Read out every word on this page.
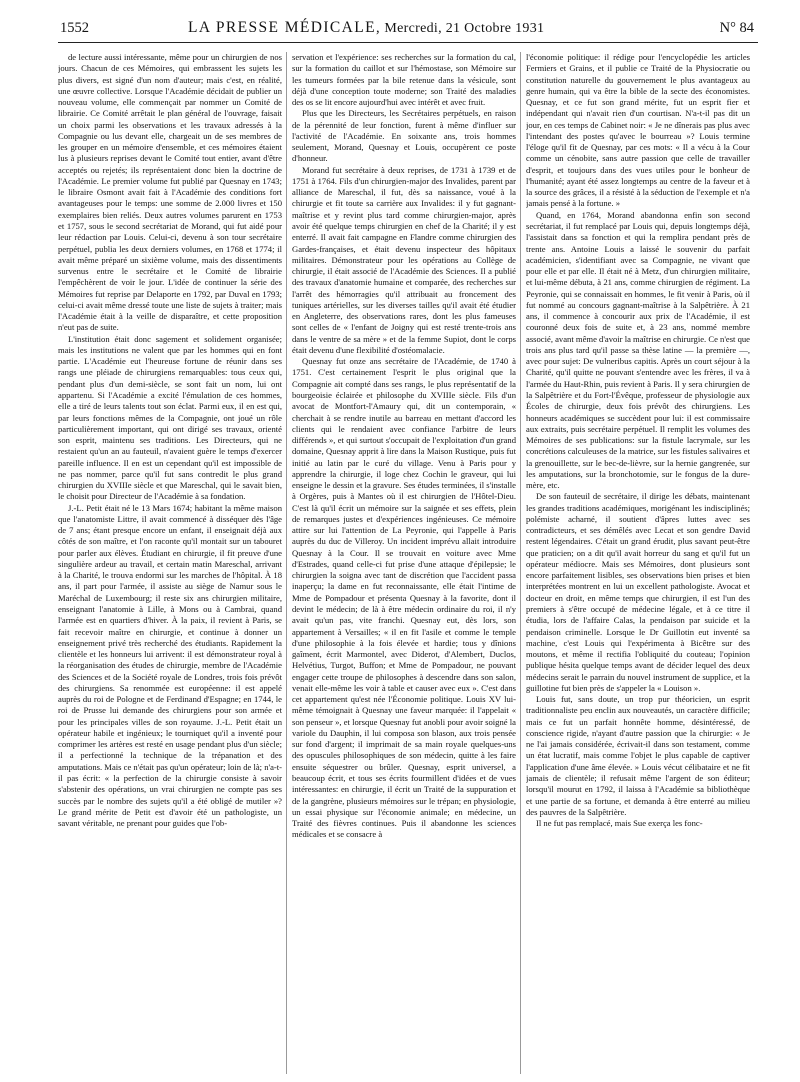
1552	LA PRESSE MÉDICALE, Mercredi, 21 Octobre 1931	N° 84

de lecture aussi intéressante, même pour un chirurgien de nos jours. Chacun de ces Mémoires, qui embrassent les sujets les plus divers, est signé d'un nom d'auteur; mais c'est, en réalité, une œuvre collective. Lorsque l'Académie décidait de publier un nouveau volume, elle commençait par nommer un Comité de librairie. Ce Comité arrêtait le plan général de l'ouvrage, faisait un choix parmi les observations et les travaux adressés à la Compagnie ou lus devant elle, chargeait un de ses membres de les grouper en un mémoire d'ensemble, et ces mémoires étaient lus à plusieurs reprises devant le Comité tout entier, avant d'être acceptés ou rejetés; ils représentaient donc bien la doctrine de l'Académie. Le premier volume fut publié par Quesnay en 1743; le libraire Osmont avait fait à l'Académie des conditions fort avantageuses pour le temps: une somme de 2.000 livres et 150 exemplaires bien reliés. Deux autres volumes parurent en 1753 et 1757, sous le second secrétariat de Morand, qui fut aidé pour leur rédaction par Louis. Celui-ci, devenu à son tour secrétaire perpétuel, publia les deux derniers volumes, en 1768 et 1774; il avait même préparé un sixième volume, mais des dissentiments survenus entre le secrétaire et le Comité de librairie l'empêchèrent de voir le jour. L'idée de continuer la série des Mémoires fut reprise par Delaporte en 1792, par Duval en 1793; celui-ci avait même dressé toute une liste de sujets à traiter; mais l'Académie était à la veille de disparaître, et cette proposition n'eut pas de suite.

L'institution était donc sagement et solidement organisée; mais les institutions ne valent que par les hommes qui en font partie. L'Académie eut l'heureuse fortune de réunir dans ses rangs une pléiade de chirurgiens remarquables: tous ceux qui, pendant plus d'un demi-siècle, se sont fait un nom, lui ont appartenu. Si l'Académie a excité l'émulation de ces hommes, elle a tiré de leurs talents tout son éclat. Parmi eux, il en est qui, par leurs fonctions mêmes de la Compagnie, ont joué un rôle particulièrement important, qui ont dirigé ses travaux, orienté son esprit, maintenu ses traditions. Les Directeurs, qui ne restaient qu'un an au fauteuil, n'avaient guère le temps d'exercer pareille influence. Il en est un cependant qu'il est impossible de ne pas nommer, parce qu'il fut sans contredit le plus grand chirurgien du XVIIIe siècle et que Mareschal, qui le savait bien, le choisit pour Directeur de l'Académie à sa fondation.

J.-L. Petit était né le 13 Mars 1674; habitant la même maison que l'anatomiste Littre, il avait commencé à disséquer dès l'âge de 7 ans; étant presque encore un enfant, il enseignait déjà aux côtés de son maître, et l'on raconte qu'il montait sur un tabouret pour parler aux élèves. Étudiant en chirurgie, il fit preuve d'une singulière ardeur au travail, et certain matin Mareschal, arrivant à la Charité, le trouva endormi sur les marches de l'hôpital. À 18 ans, il part pour l'armée, il assiste au siège de Namur sous le Maréchal de Luxembourg; il reste six ans chirurgien militaire, enseignant l'anatomie à Lille, à Mons ou à Cambrai, quand l'armée est en quartiers d'hiver. À la paix, il revient à Paris, se fait recevoir maître en chirurgie, et continue à donner un enseignement privé très recherché des étudiants. Rapidement la clientèle et les honneurs lui arrivent: il est démonstrateur royal à la réorganisation des études de chirurgie, membre de l'Académie des Sciences et de la Société royale de Londres, trois fois prévôt des chirurgiens. Sa renommée est européenne: il est appelé auprès du roi de Pologne et de Ferdinand d'Espagne; en 1744, le roi de Prusse lui demande des chirurgiens pour son armée et pour les principales villes de son royaume. J.-L. Petit était un opérateur habile et ingénieux; le tourniquet qu'il a inventé pour comprimer les artères est resté en usage pendant plus d'un siècle; il a perfectionné la technique de la trépanation et des amputations. Mais ce n'était pas qu'un opérateur; loin de là; n'a-t-il pas écrit: « la perfection de la chirurgie consiste à savoir s'abstenir des opérations, un vrai chirurgien ne compte pas ses succès par le nombre des sujets qu'il a été obligé de mutiler »? Le grand mérite de Petit est d'avoir été un pathologiste, un savant véritable, ne prenant pour guides que l'ob-

servation et l'expérience: ses recherches sur la formation du cal, sur la formation du caillot et sur l'hémostase, son Mémoire sur les tumeurs formées par la bile retenue dans la vésicule, sont déjà d'une conception toute moderne; son Traité des maladies des os se lit encore aujourd'hui avec intérêt et avec fruit.

Plus que les Directeurs, les Secrétaires perpétuels, en raison de la pérennité de leur fonction, furent à même d'influer sur l'activité de l'Académie. En soixante ans, trois hommes seulement, Morand, Quesnay et Louis, occupèrent ce poste d'honneur.

Morand fut secrétaire à deux reprises, de 1731 à 1739 et de 1751 à 1764. Fils d'un chirurgien-major des Invalides, parent par alliance de Mareschal, il fut, dès sa naissance, voué à la chirurgie et fit toute sa carrière aux Invalides: il y fut gagnant-maîtrise et y revint plus tard comme chirurgien-major, après avoir été quelque temps chirurgien en chef de la Charité; il y est enterré. Il avait fait campagne en Flandre comme chirurgien des Gardes-françaises, et était devenu inspecteur des hôpitaux militaires. Démonstrateur pour les opérations au Collège de chirurgie, il était associé de l'Académie des Sciences. Il a publié des travaux d'anatomie humaine et comparée, des recherches sur l'arrêt des hémorragies qu'il attribuait au froncement des tuniques artérielles, sur les diverses tailles qu'il avait été étudier en Angleterre, des observations rares, dont les plus fameuses sont celles de « l'enfant de Joigny qui est resté trente-trois ans dans le ventre de sa mère » et de la femme Supiot, dont le corps était devenu d'une flexibilité d'ostéomalacie.

Quesnay fut onze ans secrétaire de l'Académie, de 1740 à 1751. C'est certainement l'esprit le plus original que la Compagnie ait compté dans ses rangs, le plus représentatif de la bourgeoisie éclairée et philosophe du XVIIIe siècle. Fils d'un avocat de Montfort-l'Amaury qui, dit un contemporain, « cherchait à se rendre inutile au barreau en mettant d'accord les clients qui le rendaient avec confiance l'arbitre de leurs différends », et qui surtout s'occupait de l'exploitation d'un grand domaine, Quesnay apprit à lire dans la Maison Rustique, puis fut initié au latin par le curé du village. Venu à Paris pour y apprendre la chirurgie, il loge chez Cochin le graveur, qui lui enseigne le dessin et la gravure. Ses études terminées, il s'installe à Orgères, puis à Mantes où il est chirurgien de l'Hôtel-Dieu. C'est là qu'il écrit un mémoire sur la saignée et ses effets, plein de remarques justes et d'expériences ingénieuses. Ce mémoire attire sur lui l'attention de La Peyronie, qui l'appelle à Paris auprès du duc de Villeroy. Un incident imprévu allait introduire Quesnay à la Cour. Il se trouvait en voiture avec Mme d'Estrades, quand celle-ci fut prise d'une attaque d'épilepsie; le chirurgien la soigna avec tant de discrétion que l'accident passa inaperçu; la dame en fut reconnaissante, elle était l'intime de Mme de Pompadour et présenta Quesnay à la favorite, dont il devint le médecin; de là à être médecin ordinaire du roi, il n'y avait qu'un pas, vite franchi. Quesnay eut, dès lors, son appartement à Versailles; « il en fit l'asile et comme le temple d'une philosophie à la fois élevée et hardie; tous y dînions gaîment, écrit Marmontel, avec Diderot, d'Alembert, Duclos, Helvétius, Turgot, Buffon; et Mme de Pompadour, ne pouvant engager cette troupe de philosophes à descendre dans son salon, venait elle-même les voir à table et causer avec eux ». C'est dans cet appartement qu'est née l'Économie politique. Louis XV lui-même témoignait à Quesnay une faveur marquée: il l'appelait « son penseur », et lorsque Quesnay fut anobli pour avoir soigné la variole du Dauphin, il lui composa son blason, aux trois pensée sur fond d'argent; il imprimait de sa main royale quelques-uns des opuscules philosophiques de son médecin, quitte à les faire ensuite séquestrer ou brûler. Quesnay, esprit universel, a beaucoup écrit, et tous ses écrits fourmillent d'idées et de vues intéressantes: en chirurgie, il écrit un Traité de la suppuration et de la gangrène, plusieurs mémoires sur le trépan; en physiologie, un essai physique sur l'économie animale; en médecine, un Traité des fièvres continues. Puis il abandonne les sciences médicales et se consacre à

l'économie politique: il rédige pour l'encyclopédie les articles Fermiers et Grains, et il publie ce Traité de la Physiocratie ou constitution naturelle du gouvernement le plus avantageux au genre humain, qui va être la bible de la secte des économistes. Quesnay, et ce fut son grand mérite, fut un esprit fier et indépendant qui n'avait rien d'un courtisan. N'a-t-il pas dit un jour, en ces temps de Cabinet noir: « Je ne dînerais pas plus avec l'intendant des postes qu'avec le bourreau »? Louis termine l'éloge qu'il fit de Quesnay, par ces mots: « Il a vécu à la Cour comme un cénobite, sans autre passion que celle de travailler d'esprit, et toujours dans des vues utiles pour le bonheur de l'humanité; ayant été assez longtemps au centre de la faveur et à la source des grâces, il a résisté à la séduction de l'exemple et n'a jamais pensé à la fortune. »

Quand, en 1764, Morand abandonna enfin son second secrétariat, il fut remplacé par Louis qui, depuis longtemps déjà, l'assistait dans sa fonction et qui la remplira pendant près de trente ans. Antoine Louis a laissé le souvenir du parfait académicien, s'identifiant avec sa Compagnie, ne vivant que pour elle et par elle. Il était né à Metz, d'un chirurgien militaire, et lui-même débuta, à 21 ans, comme chirurgien de régiment. La Peyronie, qui se connaissait en hommes, le fit venir à Paris, où il fut nommé au concours gagnant-maîtrise à la Salpêtrière. À 21 ans, il commence à concourir aux prix de l'Académie, il est couronné deux fois de suite et, à 23 ans, nommé membre associé, avant même d'avoir la maîtrise en chirurgie. Ce n'est que trois ans plus tard qu'il passe sa thèse latine — la première —, avec pour sujet: De vulneribus capitis. Après un court séjour à la Charité, qu'il quitte ne pouvant s'entendre avec les frères, il va à l'armée du Haut-Rhin, puis revient à Paris. Il y sera chirurgien de la Salpêtrière et du Fort-l'Évêque, professeur de physiologie aux Écoles de chirurgie, deux fois prévôt des chirurgiens. Les honneurs académiques se succèdent pour lui: il est commissaire aux extraits, puis secrétaire perpétuel. Il remplit les volumes des Mémoires de ses publications: sur la fistule lacrymale, sur les concrétions calculeuses de la matrice, sur les fistules salivaires et la grenouillette, sur le bec-de-lièvre, sur la hernie gangrenée, sur les amputations, sur la bronchotomie, sur le fongus de la dure-mère, etc.

De son fauteuil de secrétaire, il dirige les débats, maintenant les grandes traditions académiques, morigénant les indisciplinés; polémiste acharné, il soutient d'âpres luttes avec ses contradicteurs, et ses démêlés avec Lecat et son gendre David restent légendaires. C'était un grand érudit, plus savant peut-être que praticien; on a dit qu'il avait horreur du sang et qu'il fut un opérateur médiocre. Mais ses Mémoires, dont plusieurs sont encore parfaitement lisibles, ses observations bien prises et bien interprétées montrent en lui un excellent pathologiste. Avocat et docteur en droit, en même temps que chirurgien, il est l'un des premiers à s'être occupé de médecine légale, et à ce titre il étudia, lors de l'affaire Calas, la pendaison par suicide et la pendaison criminelle. Lorsque le Dr Guillotin eut inventé sa machine, c'est Louis qui l'expérimenta à Bicêtre sur des moutons, et même il rectifia l'obliquité du couteau; l'opinion publique hésita quelque temps avant de décider lequel des deux médecins serait le parrain du nouvel instrument de supplice, et la guillotine fut bien près de s'appeler la « Louison ».

Louis fut, sans doute, un trop pur théoricien, un esprit traditionnaliste peu enclin aux nouveautés, un caractère difficile; mais ce fut un parfait honnête homme, désintéressé, de conscience rigide, n'ayant d'autre passion que la chirurgie: « Je ne l'ai jamais considérée, écrivait-il dans son testament, comme un état lucratif, mais comme l'objet le plus capable de captiver l'application d'une âme élevée. » Louis vécut célibataire et ne fit jamais de clientèle; il refusait même l'argent de son éditeur; lorsqu'il mourut en 1792, il laissa à l'Académie sa bibliothèque et une partie de sa fortune, et demanda à être enterré au milieu des pauvres de la Salpêtrière.

Il ne fut pas remplacé, mais Sue exerça les fonc-
